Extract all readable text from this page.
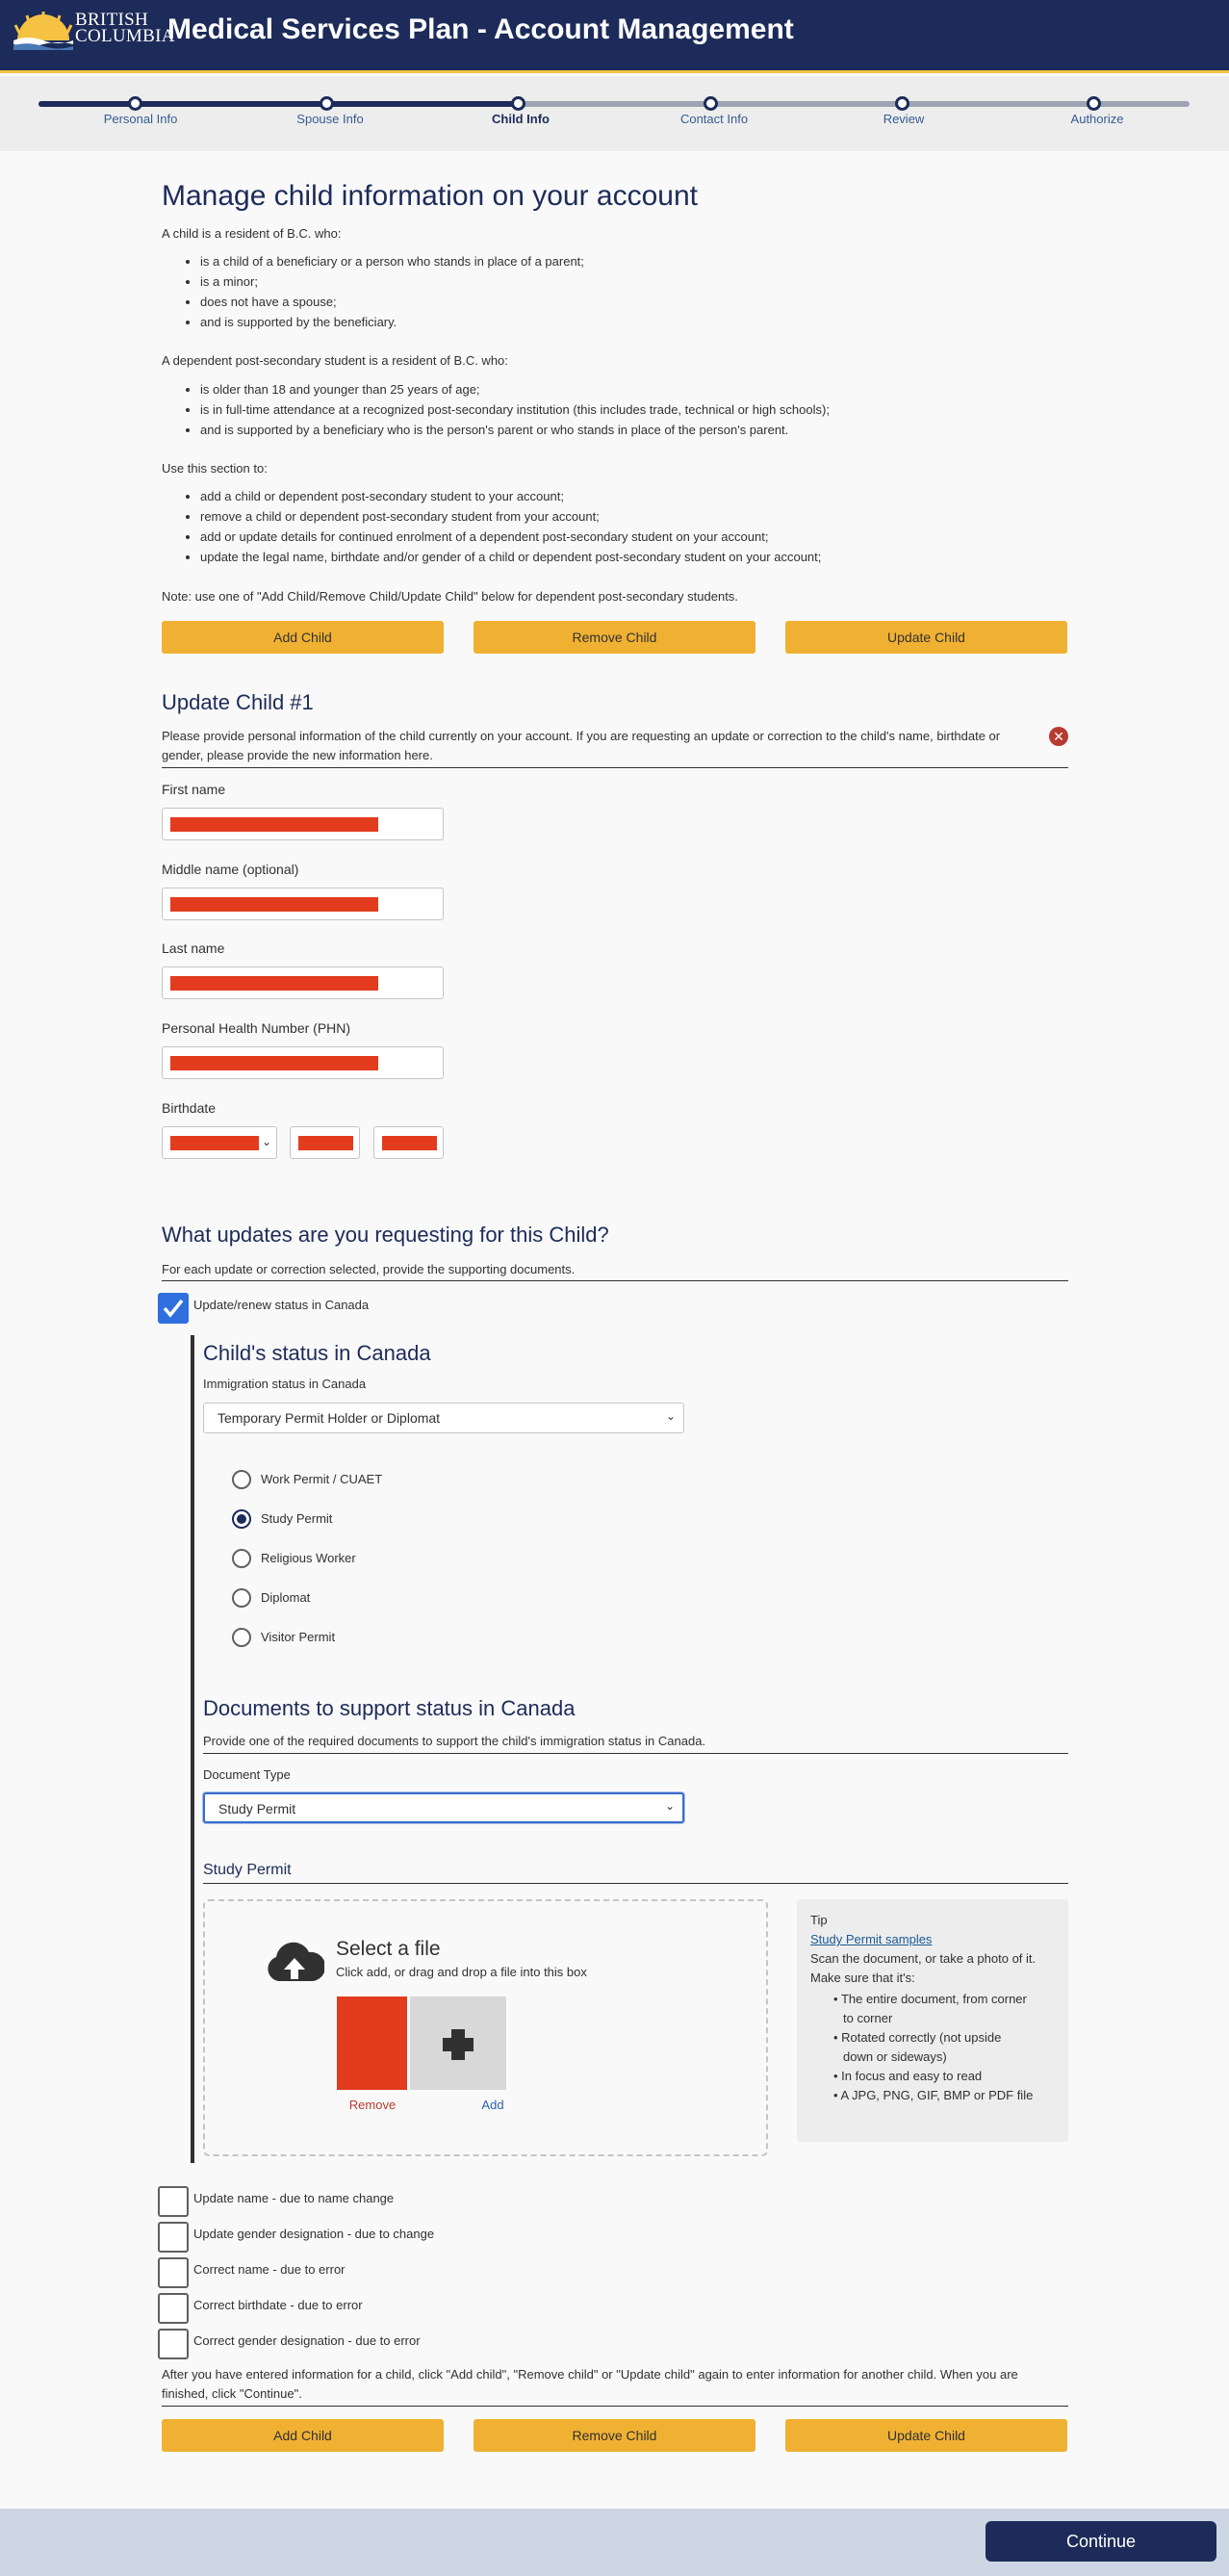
BRITISH
COLUMBIA
Medical Services Plan - Account Management
Personal Info	Spouse Info	Child Info	Contact Info	Review	Authorize
Manage child information on your account
A child is a resident of B.C. who:
• is a child of a beneficiary or a person who stands in place of a parent;
• is a minor;
• does not have a spouse;
• and is supported by the beneficiary.
A dependent post-secondary student is a resident of B.C. who:
• is older than 18 and younger than 25 years of age;
• is in full-time attendance at a recognized post-secondary institution (this includes trade, technical or high schools);
• and is supported by a beneficiary who is the person's parent or who stands in place of the person's parent.
Use this section to:
• add a child or dependent post-secondary student to your account;
• remove a child or dependent post-secondary student from your account;
• add or update details for continued enrolment of a dependent post-secondary student on your account;
• update the legal name, birthdate and/or gender of a child or dependent post-secondary student on your account;
Note: use one of "Add Child/Remove Child/Update Child" below for dependent post-secondary students.
Add Child	Remove Child	Update Child
Update Child #1
Please provide personal information of the child currently on your account. If you are requesting an update or correction to the child's name, birthdate or
gender, please provide the new information here.
✕
First name
Middle name (optional)
Last name
Personal Health Number (PHN)
Birthdate
⌄
What updates are you requesting for this Child?
For each update or correction selected, provide the supporting documents.
Update/renew status in Canada
Child's status in Canada
Immigration status in Canada
Temporary Permit Holder or Diplomat	⌄
Work Permit / CUAET
Study Permit
Religious Worker
Diplomat
Visitor Permit
Documents to support status in Canada
Provide one of the required documents to support the child's immigration status in Canada.
Document Type
Study Permit	⌄
Study Permit
Select a file
Click add, or drag and drop a file into this box
Remove	Add
Tip
Study Permit samples
Scan the document, or take a photo of it.
Make sure that it's:
• The entire document, from corner
to corner
• Rotated correctly (not upside
down or sideways)
• In focus and easy to read
• A JPG, PNG, GIF, BMP or PDF file
Update name - due to name change
Update gender designation - due to change
Correct name - due to error
Correct birthdate - due to error
Correct gender designation - due to error
After you have entered information for a child, click "Add child", "Remove child" or "Update child" again to enter information for another child. When you are
finished, click "Continue".
Add Child	Remove Child	Update Child
Continue
